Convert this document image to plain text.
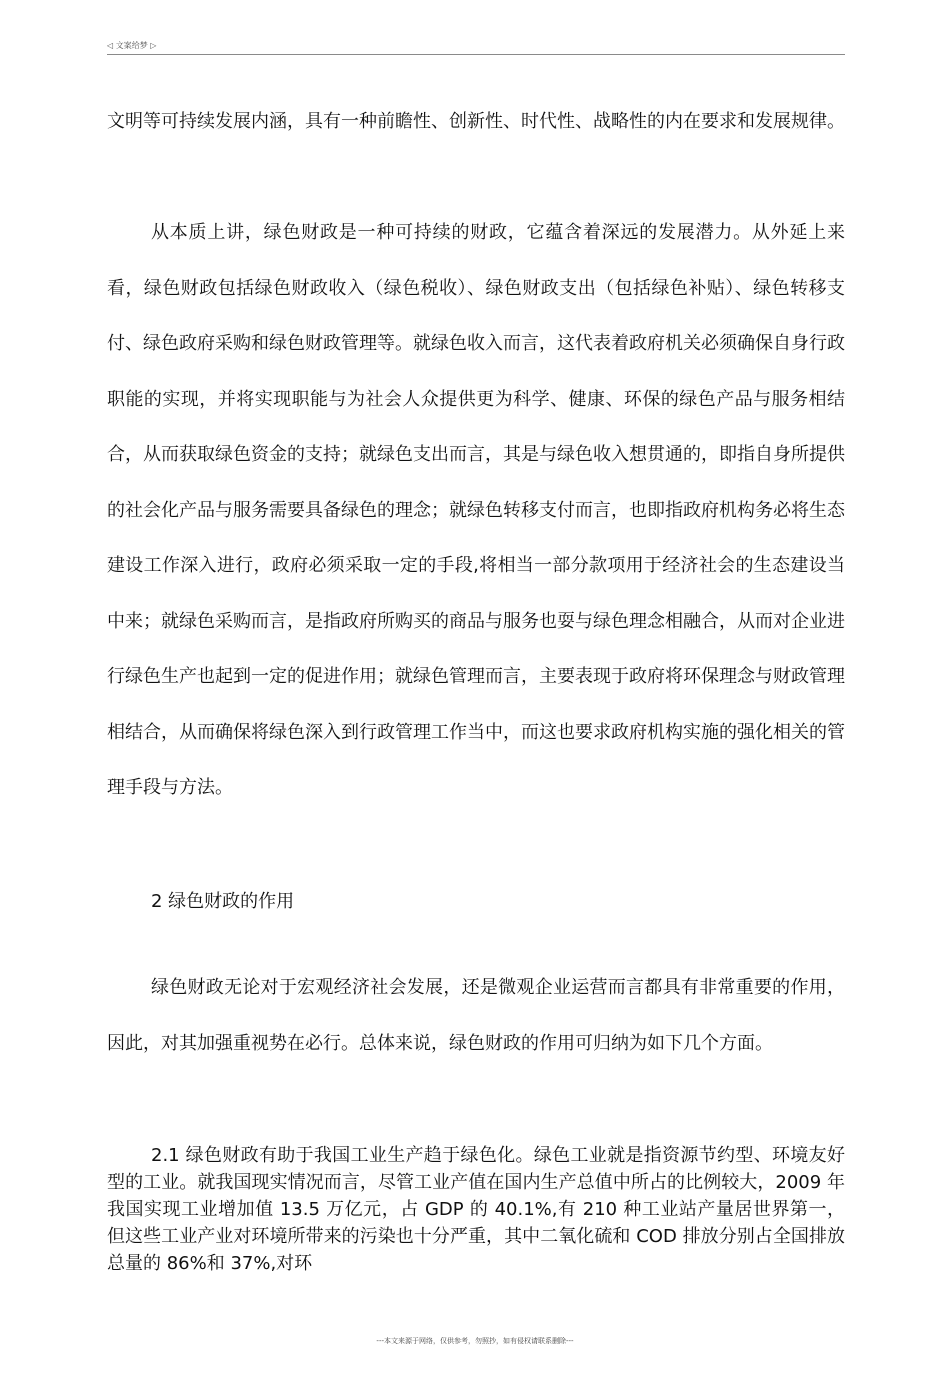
◁ 文案给梦 ▷

文明等可持续发展内涵，具有一种前瞻性、创新性、时代性、战略性的内在要求和发展规律。

从本质上讲，绿色财政是一种可持续的财政，它蕴含着深远的发展潜力。从外延上来看，绿色财政包括绿色财政收入（绿色税收）、绿色财政支出（包括绿色补贴）、绿色转移支付、绿色政府采购和绿色财政管理等。就绿色收入而言，这代表着政府机关必须确保自身行政职能的实现，并将实现职能与为社会人众提供更为科学、健康、环保的绿色产品与服务相结合，从而获取绿色资金的支持；就绿色支出而言，其是与绿色收入想贯通的，即指自身所提供的社会化产品与服务需要具备绿色的理念；就绿色转移支付而言，也即指政府机构务必将生态建设工作深入进行，政府必须采取一定的手段,将相当一部分款项用于经济社会的生态建设当中来；就绿色采购而言，是指政府所购买的商品与服务也耍与绿色理念相融合，从而对企业进行绿色生产也起到一定的促进作用；就绿色管理而言，主要表现于政府将环保理念与财政管理相结合，从而确保将绿色深入到行政管理工作当中，而这也要求政府机构实施的强化相关的管理手段与方法。

2 绿色财政的作用

绿色财政无论对于宏观经济社会发展，还是微观企业运营而言都具有非常重要的作用，因此，对其加强重视势在必行。总体来说，绿色财政的作用可归纳为如下几个方面。

2.1 绿色财政有助于我国工业生产趋于绿色化。绿色工业就是指资源节约型、环境友好型的工业。就我国现实情况而言，尽管工业产值在国内生产总值中所占的比例较大，2009 年我国实现工业增加值 13.5 万亿元，占 GDP 的 40.1%,有 210 种工业站产量居世界第一，但这些工业产业对环境所带来的污染也十分严重，其中二氧化硫和 COD 排放分别占全国排放总量的 86%和 37%,对环

---本文来源于网络，仅供参考，勿照抄，如有侵权请联系删除---
